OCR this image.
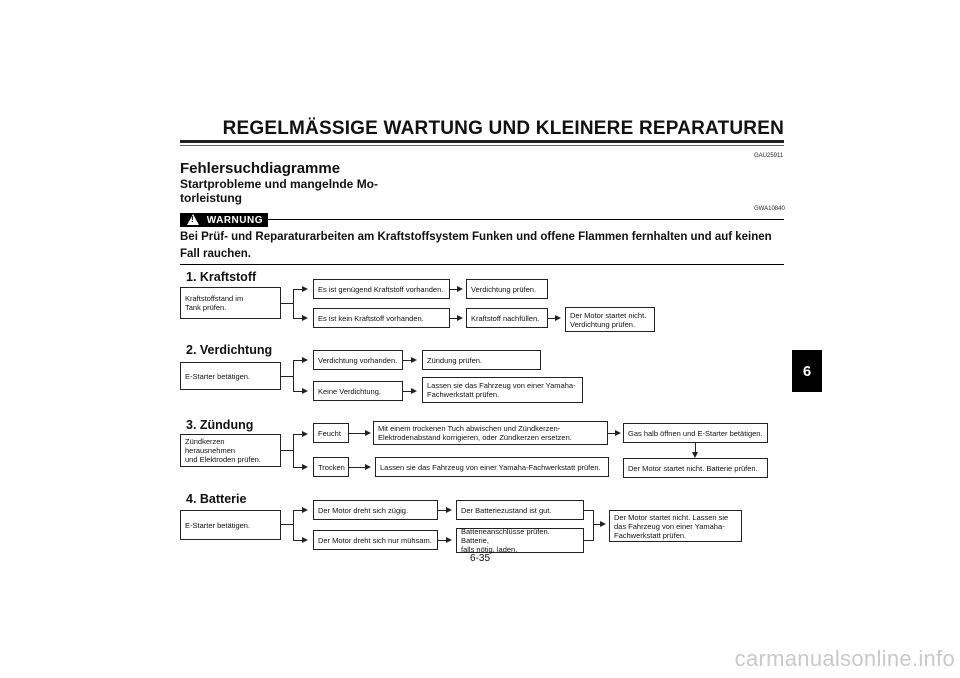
REGELMÄSSIGE WARTUNG UND KLEINERE REPARATUREN
GAU25911
Fehlersuchdiagramme
Startprobleme und mangelnde Mo-
torleistung
GWA10840
!
WARNUNG
Bei Prüf- und Reparaturarbeiten am Kraftstoffsystem Funken und offene Flammen fernhalten und auf keinen Fall rauchen.
1. Kraftstoff
Kraftstoffstand im
Tank prüfen.
Es ist genügend Kraftstoff vorhanden.	Verdichtung prüfen.
Es ist kein Kraftstoff vorhanden.	Kraftstoff nachfüllen.	Der Motor startet nicht.
Verdichtung prüfen.
2. Verdichtung
E-Starter betätigen.
Verdichtung vorhanden.	Zündung prüfen.
Keine Verdichtung.
Lassen sie das Fahrzeug von einer Yamaha-
Fachwerkstatt prüfen.
3. Zündung
Zündkerzen herausnehmen
und Elektroden prüfen.
Feucht	Mit einem trockenen Tuch abwischen und Zündkerzen-
Elektrodenabstand korrigieren, oder Zündkerzen ersetzen.	Gas halb öffnen und E-Starter betätigen.
Trocken	Lassen sie das Fahrzeug von einer Yamaha-Fachwerkstatt prüfen.	Der Motor startet nicht. Batterie prüfen.
4. Batterie
E-Starter betätigen.
Der Motor dreht sich zügig.	Der Batteriezustand ist gut.
Der Motor dreht sich nur mühsam.
Batterieanschlüsse prüfen. Batterie,
falls nötig, laden.
Der Motor startet nicht. Lassen sie
das Fahrzeug von einer Yamaha-
Fachwerkstatt prüfen.
6
6-35
carmanualsonline.info
